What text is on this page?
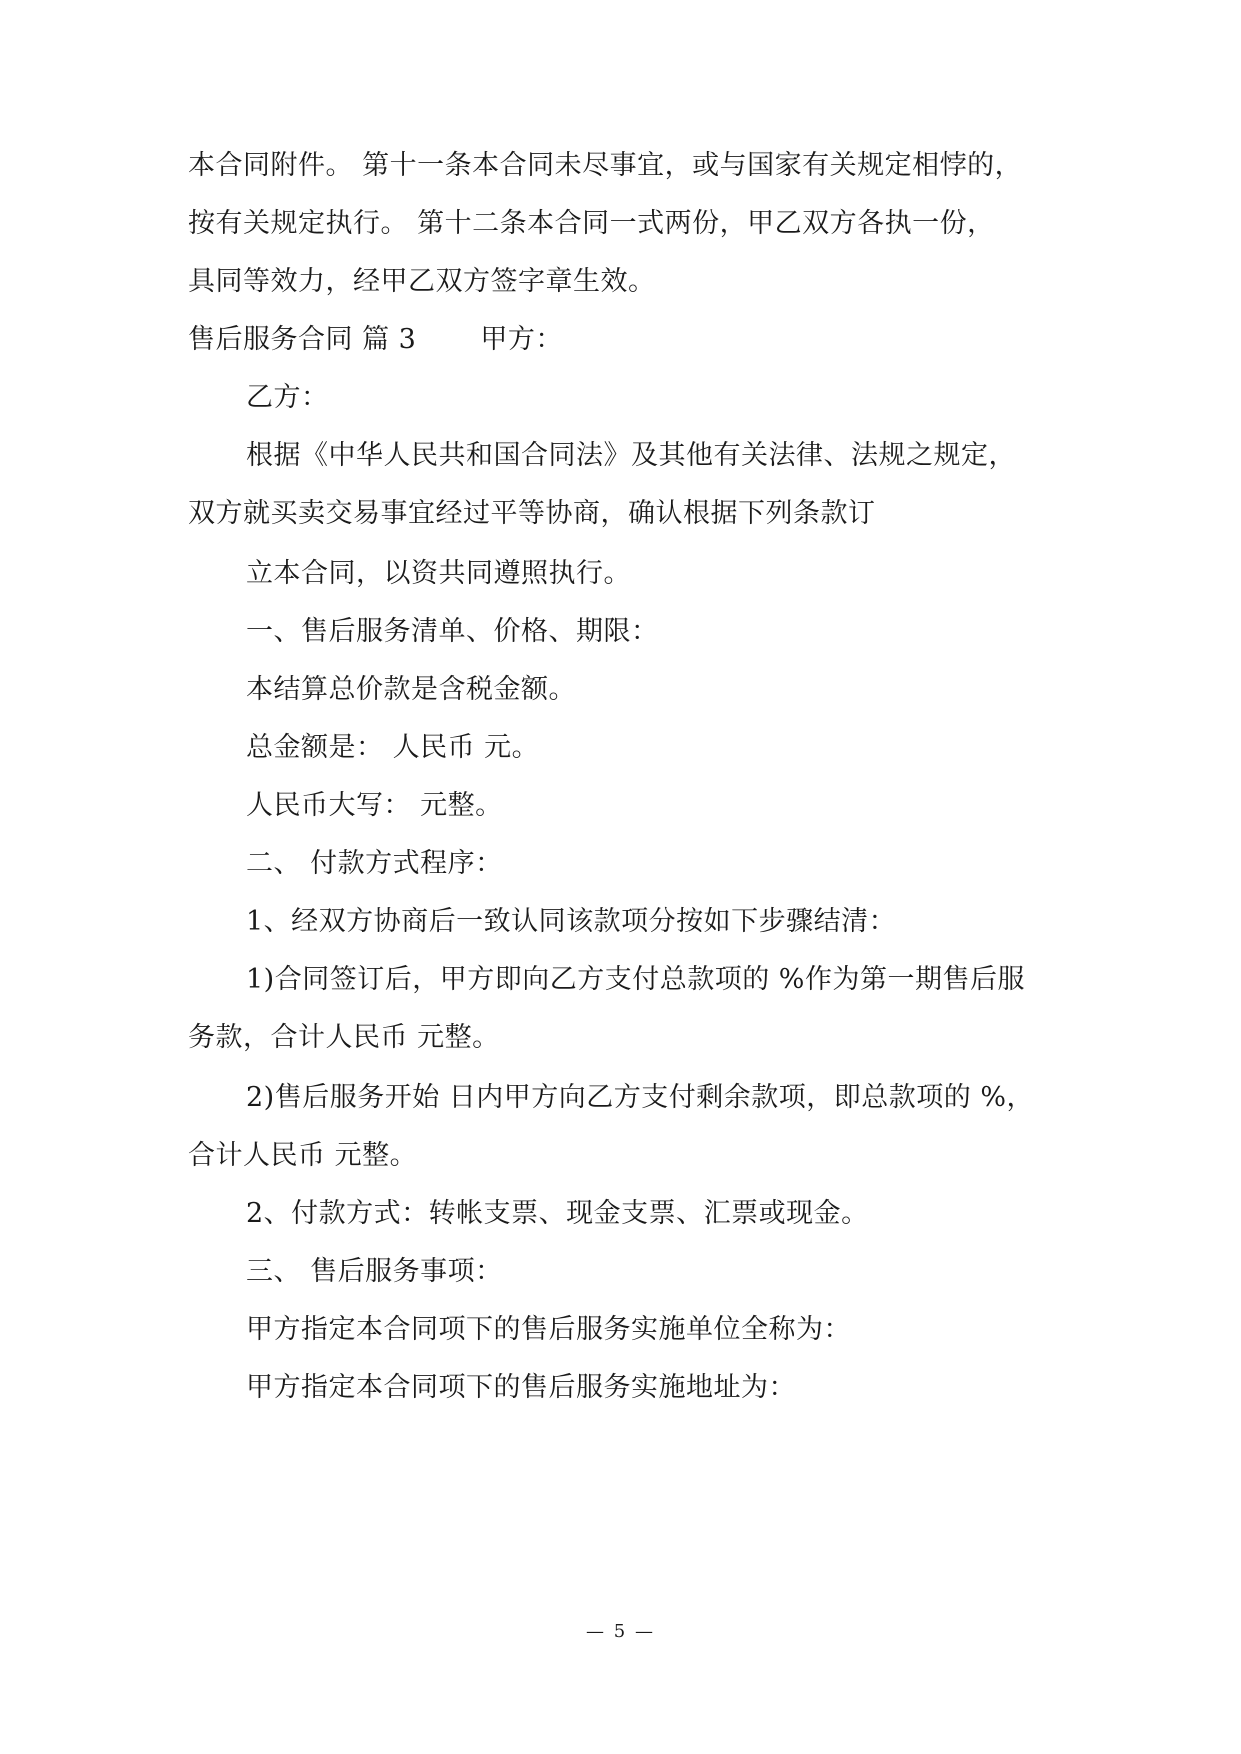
本合同附件。 第十一条本合同未尽事宜，或与国家有关规定相悖的，
按有关规定执行。 第十二条本合同一式两份，甲乙双方各执一份，
具同等效力，经甲乙双方签字章生效。
售后服务合同 篇 3　　 甲方：
乙方：
根据《中华人民共和国合同法》及其他有关法律、法规之规定，
双方就买卖交易事宜经过平等协商，确认根据下列条款订
立本合同，以资共同遵照执行。
一、售后服务清单、价格、期限：
本结算总价款是含税金额。
总金额是： 人民币 元。
人民币大写： 元整。
二、 付款方式程序：
1、经双方协商后一致认同该款项分按如下步骤结清：
1)合同签订后，甲方即向乙方支付总款项的 %作为第一期售后服
务款，合计人民币 元整。
2)售后服务开始 日内甲方向乙方支付剩余款项，即总款项的 %，
合计人民币 元整。
2、付款方式：转帐支票、现金支票、汇票或现金。
三、 售后服务事项：
甲方指定本合同项下的售后服务实施单位全称为：
甲方指定本合同项下的售后服务实施地址为：
— 5 —
